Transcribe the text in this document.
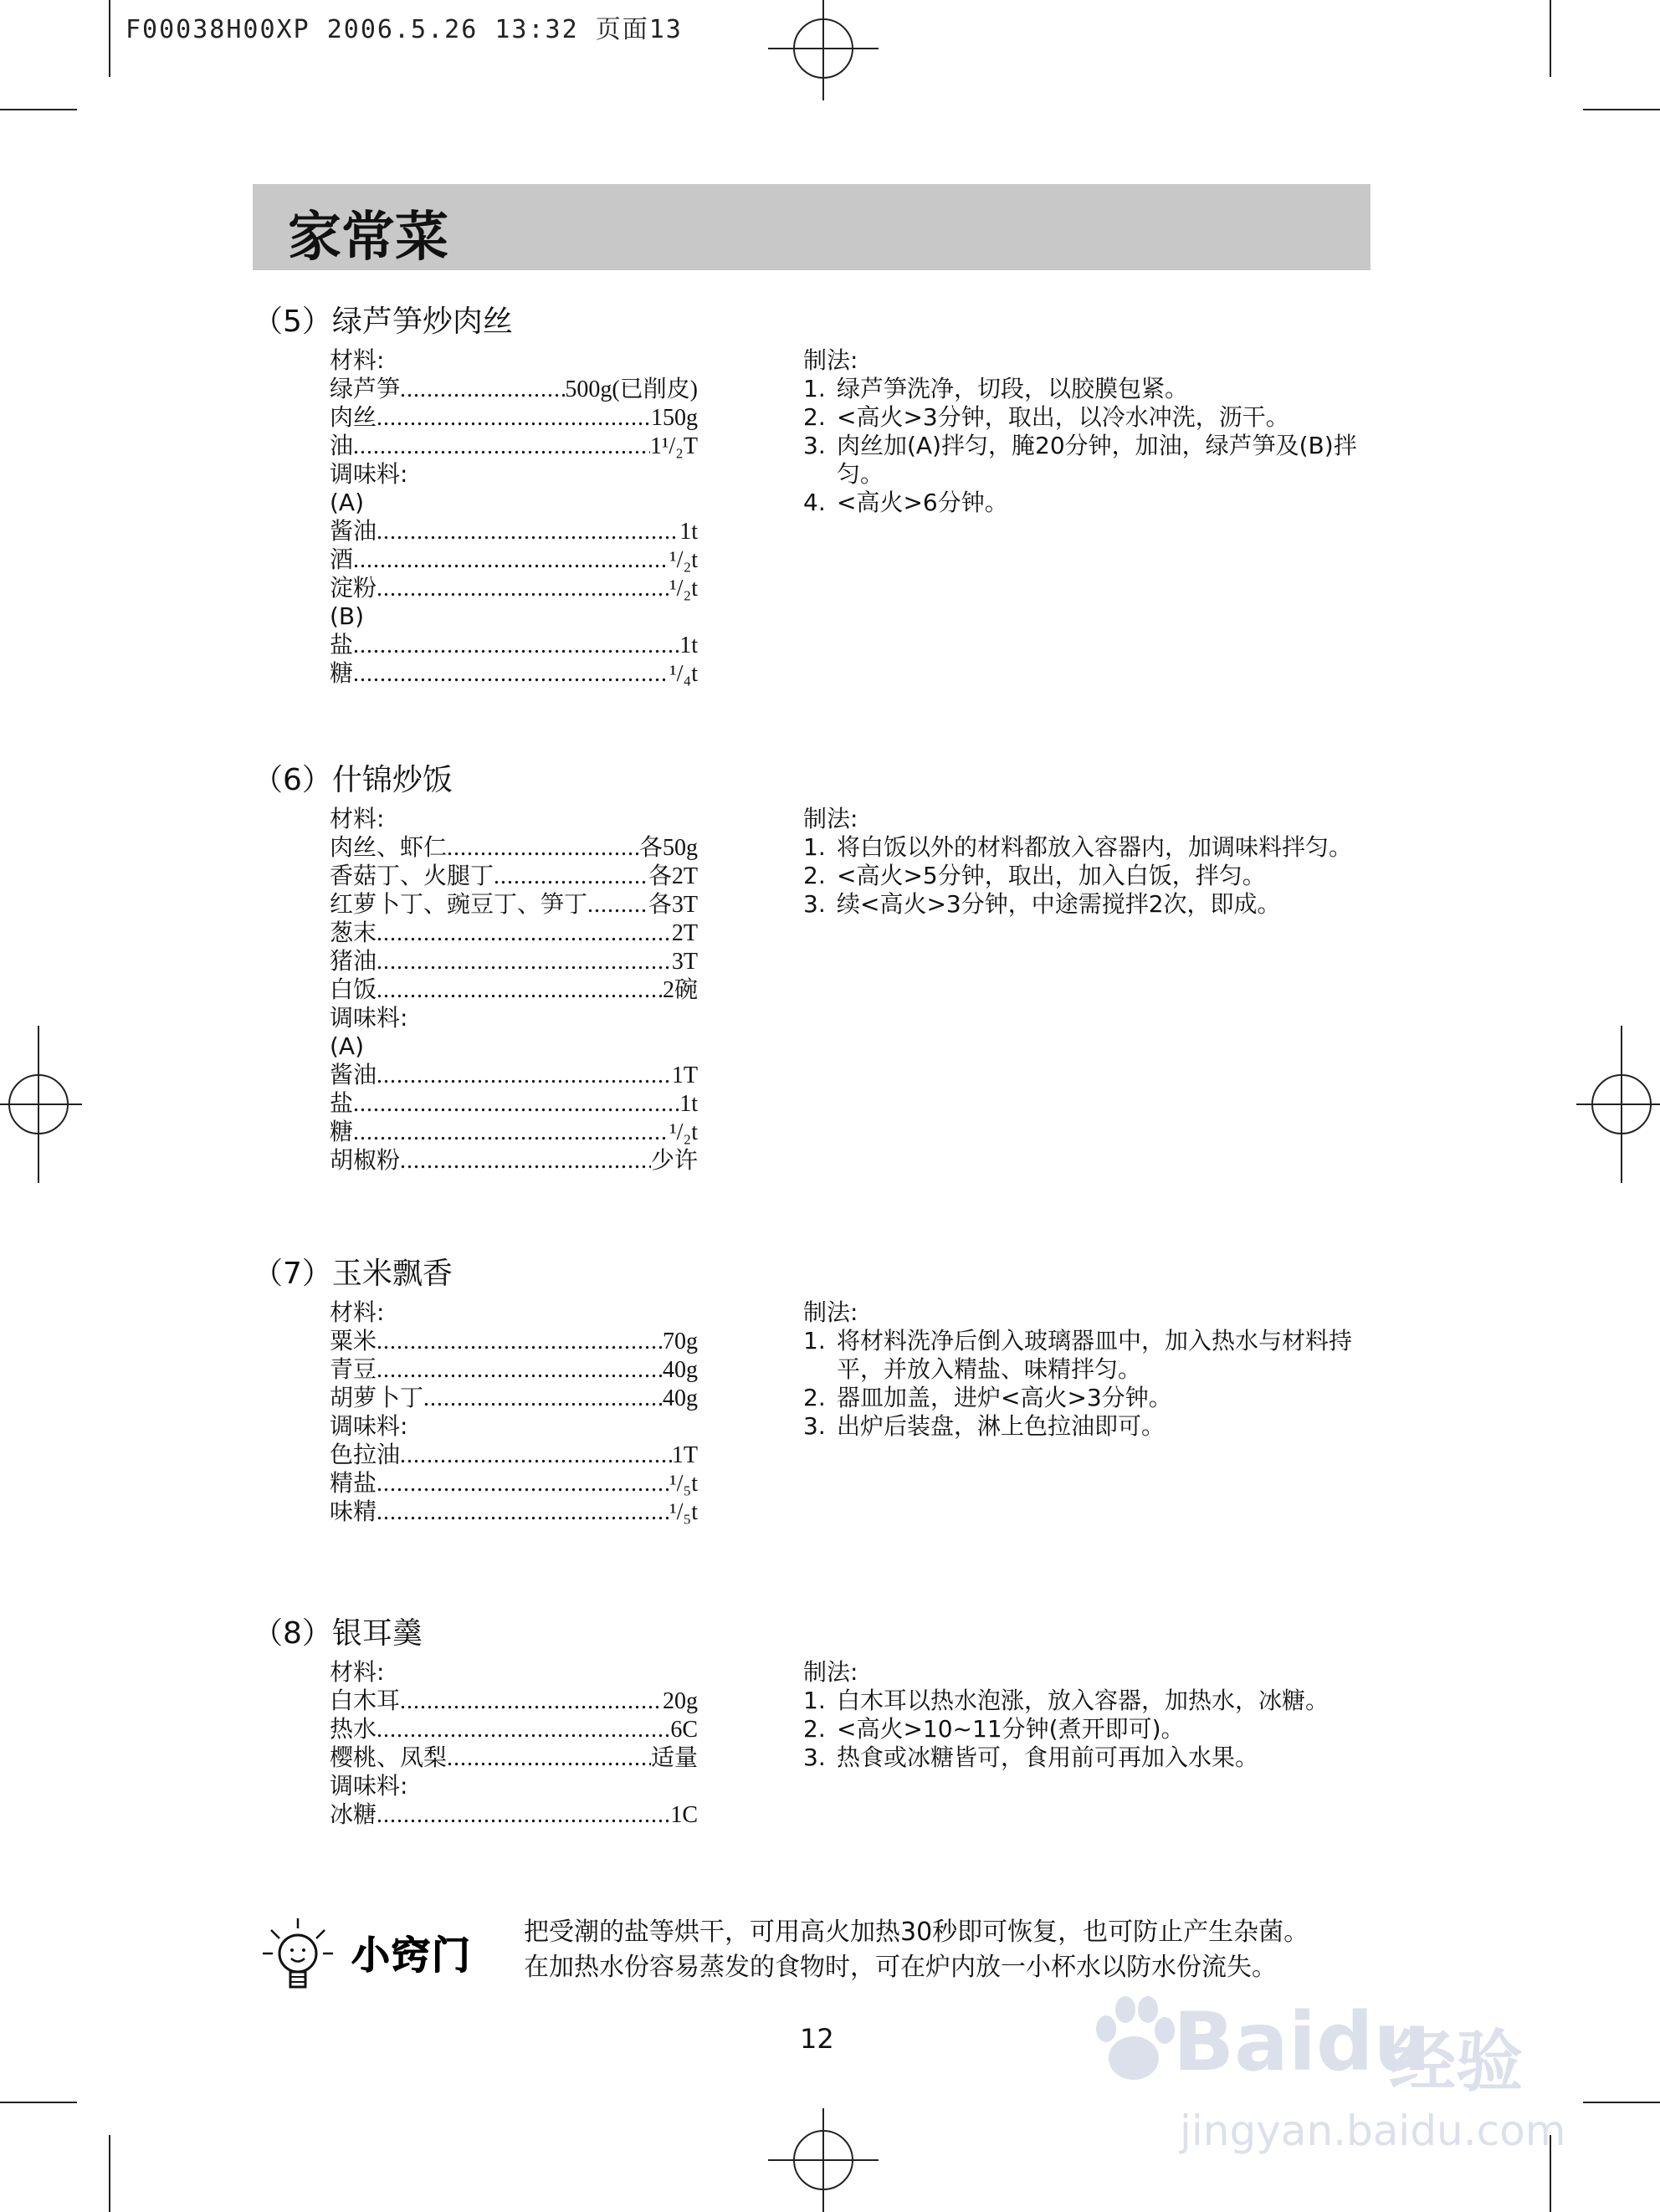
F00038H00XP 2006.5.26 13:32 页面13
家常菜
（5）绿芦笋炒肉丝
材料:
绿芦笋 .....	500g(已削皮)
肉丝 .....	150g
油 .....	1¹/₂T
调味料:
(A)
酱油 .....	1t
酒 .....	¹/₂t
淀粉 .....	¹/₂t
(B)
盐 .....	1t
糖 .....	¹/₄t
制法:
1. 绿芦笋洗净，切段，以胶膜包紧。
2. <高火>3分钟，取出，以冷水冲洗，沥干。
3. 肉丝加(A)拌匀，腌20分钟，加油，绿芦笋及(B)拌匀。
4. <高火>6分钟。
（6）什锦炒饭
材料:
肉丝、虾仁 .....	各50g
香菇丁、火腿丁 .....	各2T
红萝卜丁、豌豆丁、笋丁 .....	各3T
葱末 .....	2T
猪油 .....	3T
白饭 .....	2碗
调味料:
(A)
酱油 .....	1T
盐 .....	1t
糖 .....	¹/₂t
胡椒粉 .....	少许
制法:
1. 将白饭以外的材料都放入容器内，加调味料拌匀。
2. <高火>5分钟，取出，加入白饭，拌匀。
3. 续<高火>3分钟，中途需搅拌2次，即成。
（7）玉米飘香
材料:
粟米 .....	70g
青豆 .....	40g
胡萝卜丁 .....	40g
调味料:
色拉油 .....	1T
精盐 .....	¹/₅t
味精 .....	¹/₅t
制法:
1. 将材料洗净后倒入玻璃器皿中，加入热水与材料持平，并放入精盐、味精拌匀。
2. 器皿加盖，进炉<高火>3分钟。
3. 出炉后装盘，淋上色拉油即可。
（8）银耳羹
材料:
白木耳 .....	20g
热水 .....	6C
樱桃、凤梨 .....	适量
调味料:
冰糖 .....	1C
制法:
1. 白木耳以热水泡涨，放入容器，加热水，冰糖。
2. <高火>10~11分钟(煮开即可)。
3. 热食或冰糖皆可，食用前可再加入水果。
小窍门
把受潮的盐等烘干，可用高火加热30秒即可恢复，也可防止产生杂菌。
在加热水份容易蒸发的食物时，可在炉内放一小杯水以防水份流失。
12	Baidu
经验
jingyan.baidu.com
